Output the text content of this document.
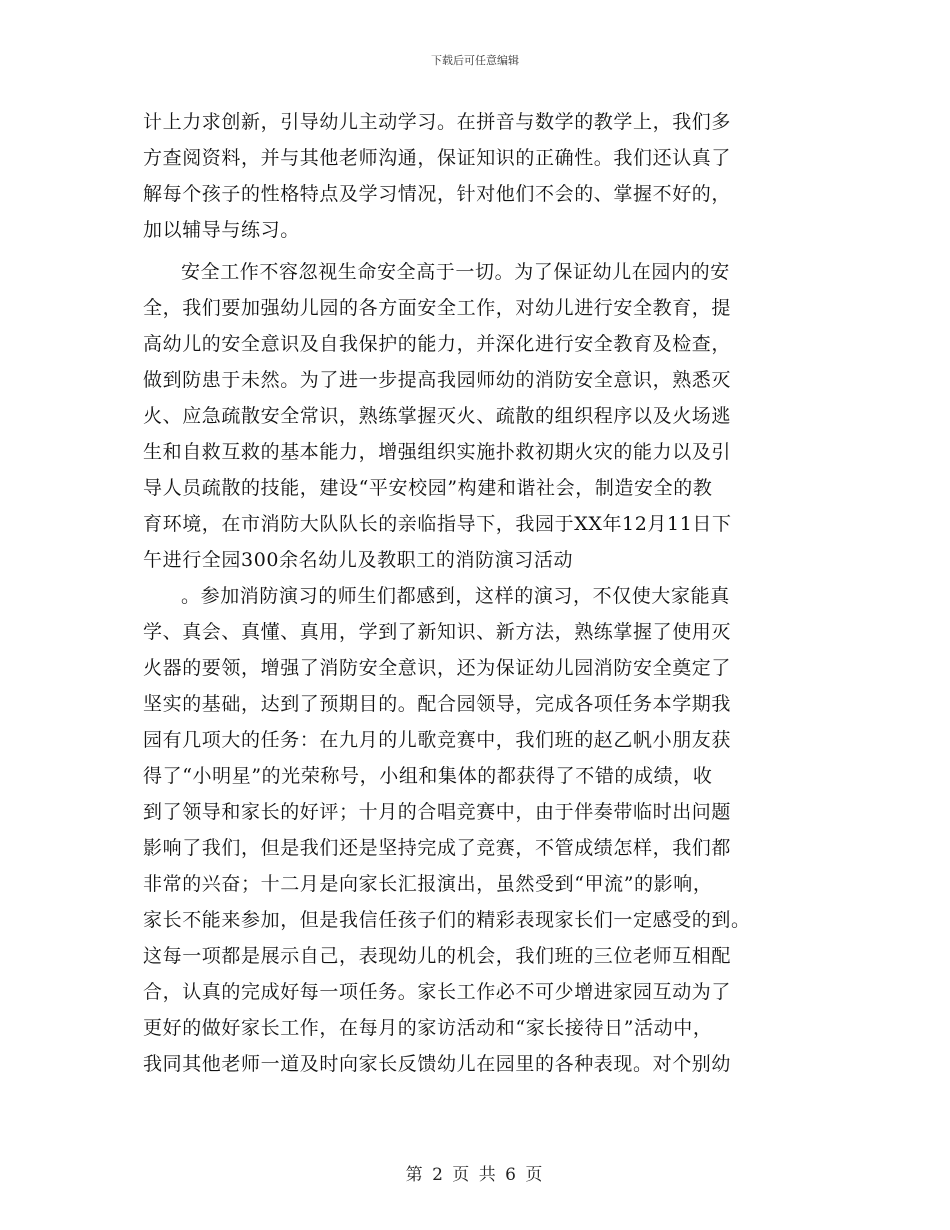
下载后可任意编辑
计上力求创新，引导幼儿主动学习。在拼音与数学的教学上，我们多
方查阅资料，并与其他老师沟通，保证知识的正确性。我们还认真了
解每个孩子的性格特点及学习情况，针对他们不会的、掌握不好的，
加以辅导与练习。
安全工作不容忽视生命安全高于一切。为了保证幼儿在园内的安
全，我们要加强幼儿园的各方面安全工作，对幼儿进行安全教育，提
高幼儿的安全意识及自我保护的能力，并深化进行安全教育及检查，
做到防患于未然。为了进一步提高我园师幼的消防安全意识，熟悉灭
火、应急疏散安全常识，熟练掌握灭火、疏散的组织程序以及火场逃
生和自救互救的基本能力，增强组织实施扑救初期火灾的能力以及引
导人员疏散的技能，建设“平安校园”构建和谐社会，制造安全的教
育环境，在市消防大队队长的亲临指导下，我园于XX年12月11日下
午进行全园300余名幼儿及教职工的消防演习活动
。参加消防演习的师生们都感到，这样的演习，不仅使大家能真
学、真会、真懂、真用，学到了新知识、新方法，熟练掌握了使用灭
火器的要领，增强了消防安全意识，还为保证幼儿园消防安全奠定了
坚实的基础，达到了预期目的。配合园领导，完成各项任务本学期我
园有几项大的任务：在九月的儿歌竞赛中，我们班的赵乙帆小朋友获
得了“小明星”的光荣称号，小组和集体的都获得了不错的成绩，收
到了领导和家长的好评；十月的合唱竞赛中，由于伴奏带临时出问题
影响了我们，但是我们还是坚持完成了竞赛，不管成绩怎样，我们都
非常的兴奋；十二月是向家长汇报演出，虽然受到“甲流”的影响，
家长不能来参加，但是我信任孩子们的精彩表现家长们一定感受的到。
这每一项都是展示自己，表现幼儿的机会，我们班的三位老师互相配
合，认真的完成好每一项任务。家长工作必不可少增进家园互动为了
更好的做好家长工作，在每月的家访活动和“家长接待日”活动中，
我同其他老师一道及时向家长反馈幼儿在园里的各种表现。对个别幼
第 2 页 共 6 页
